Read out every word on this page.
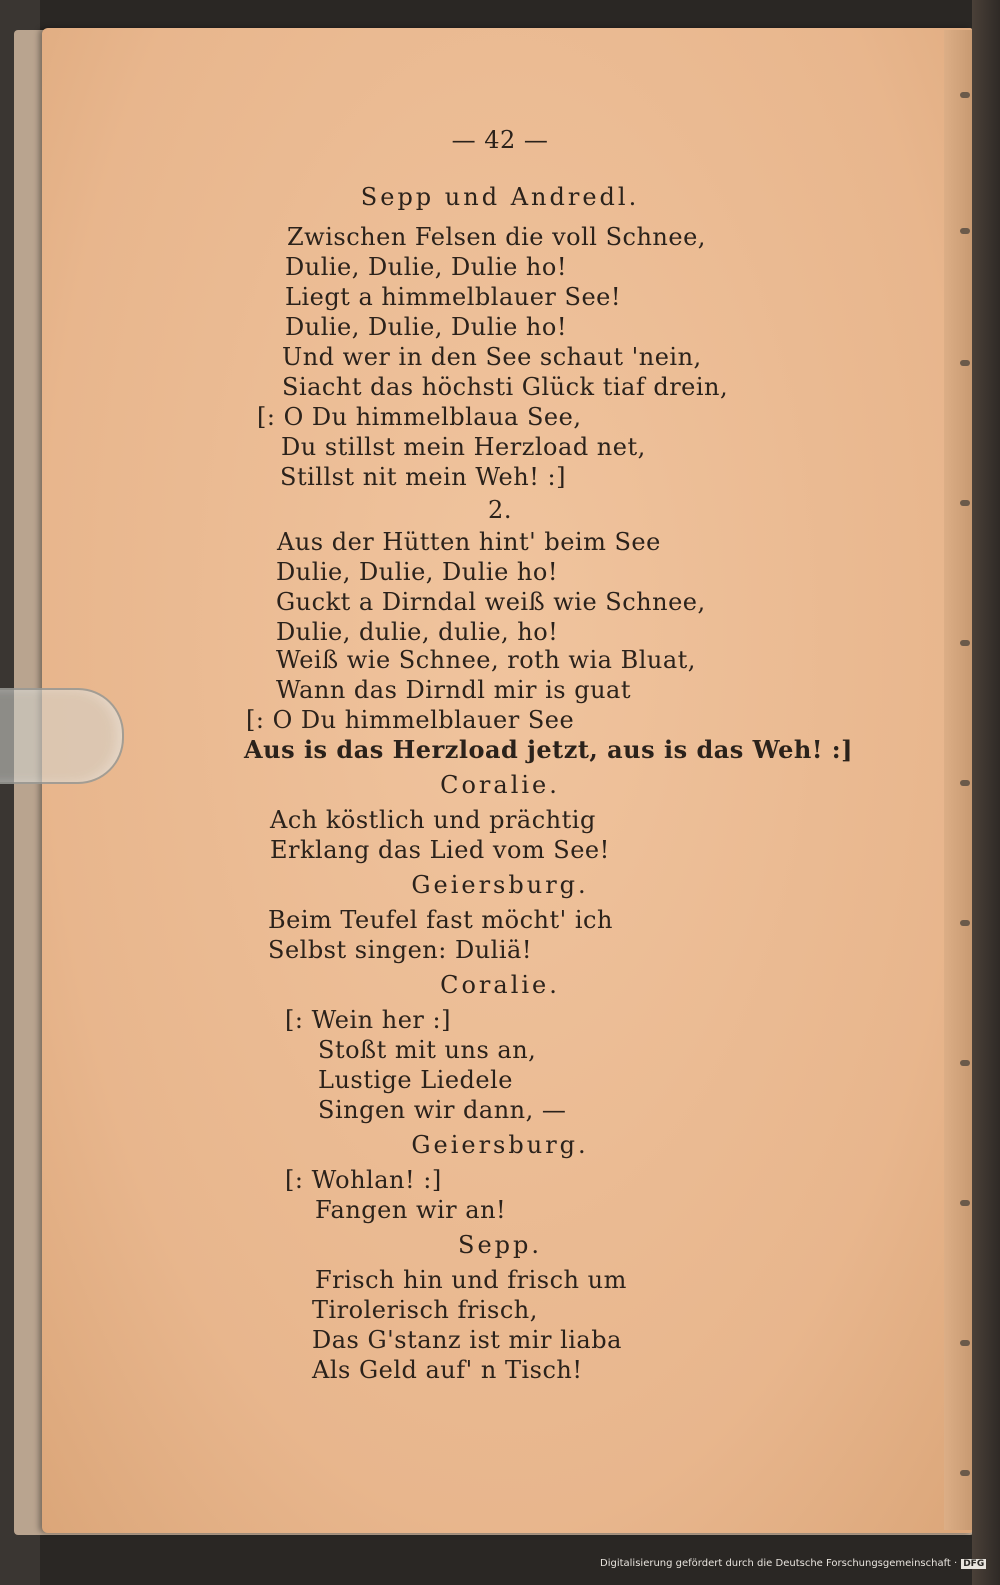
— 42 —
Sepp und Andredl.
Zwischen Felsen die voll Schnee,
Dulie, Dulie, Dulie ho!
Liegt a himmelblauer See!
Dulie, Dulie, Dulie ho!
Und wer in den See schaut 'nein,
Siacht das höchsti Glück tiaf drein,
[: O Du himmelblaua See,
Du stillst mein Herzload net,
Stillst nit mein Weh! :]
2.
Aus der Hütten hint' beim See
Dulie, Dulie, Dulie ho!
Guckt a Dirndal weiß wie Schnee,
Dulie, dulie, dulie, ho!
Weiß wie Schnee, roth wia Bluat,
Wann das Dirndl mir is guat
[: O Du himmelblauer See
Aus is das Herzload jetzt, aus is das Weh! :]
Coralie.
Ach köstlich und prächtig
Erklang das Lied vom See!
Geiersburg.
Beim Teufel fast möcht' ich
Selbst singen: Duliä!
Coralie.
[: Wein her :]
Stoßt mit uns an,
Lustige Liedele
Singen wir dann, —
Geiersburg.
[: Wohlan! :]
Fangen wir an!
Sepp.
Frisch hin und frisch um
Tirolerisch frisch,
Das G'stanz ist mir liaba
Als Geld auf' n Tisch!
Digitalisierung gefördert durch die Deutsche Forschungsgemeinschaft · DFG
